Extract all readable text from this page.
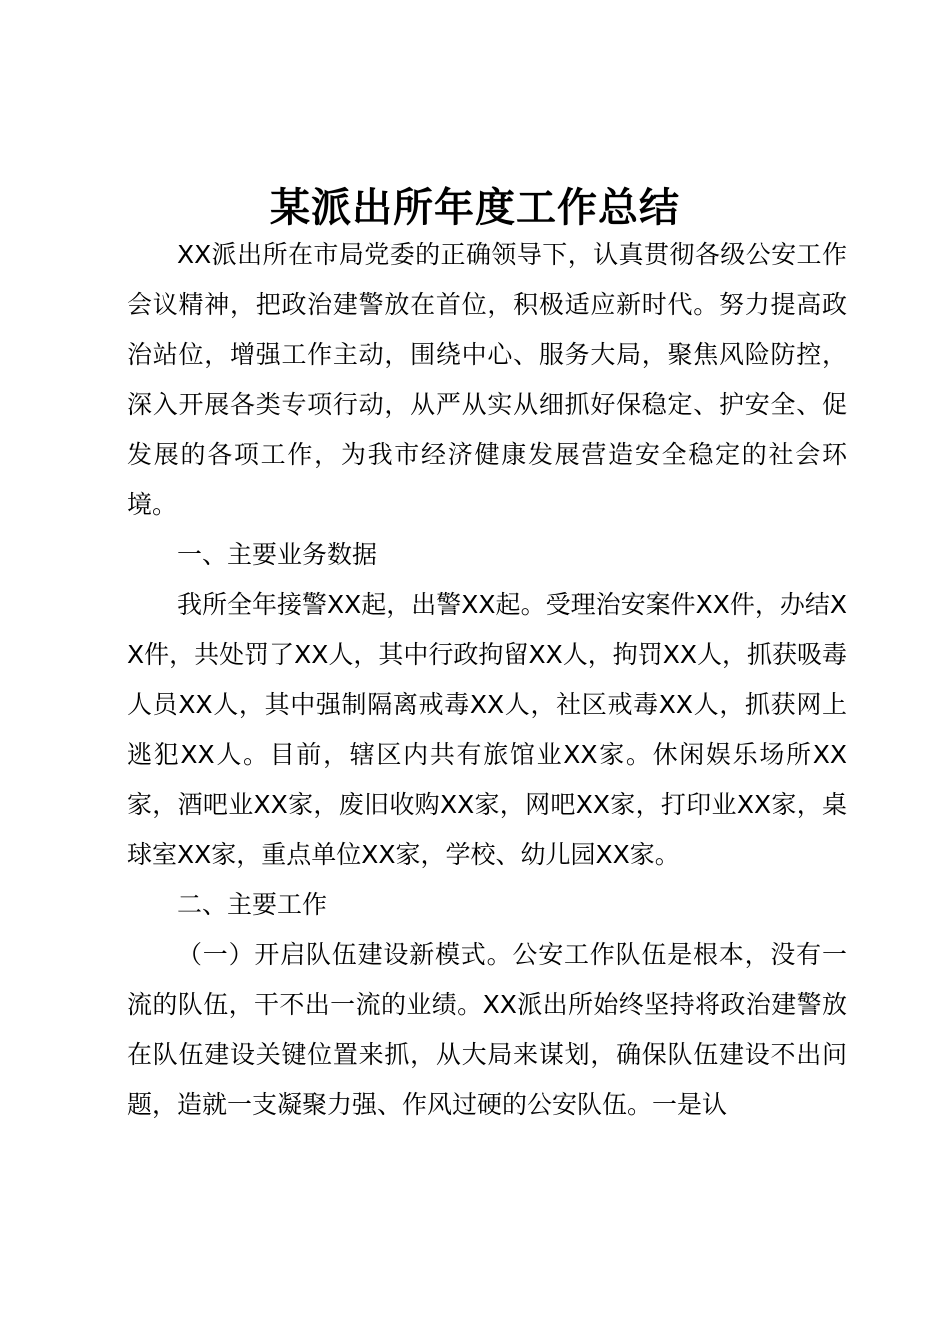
某派出所年度工作总结

XX派出所在市局党委的正确领导下，认真贯彻各级公安工作会议精神，把政治建警放在首位，积极适应新时代。努力提高政治站位，增强工作主动，围绕中心、服务大局，聚焦风险防控，深入开展各类专项行动，从严从实从细抓好保稳定、护安全、促发展的各项工作，为我市经济健康发展营造安全稳定的社会环境。

一、主要业务数据

我所全年接警XX起，出警XX起。受理治安案件XX件，办结XX件，共处罚了XX人，其中行政拘留XX人，拘罚XX人，抓获吸毒人员XX人，其中强制隔离戒毒XX人，社区戒毒XX人，抓获网上逃犯XX人。目前，辖区内共有旅馆业XX家。休闲娱乐场所XX家，酒吧业XX家，废旧收购XX家，网吧XX家，打印业XX家，桌球室XX家，重点单位XX家，学校、幼儿园XX家。

二、主要工作

（一）开启队伍建设新模式。公安工作队伍是根本，没有一流的队伍，干不出一流的业绩。XX派出所始终坚持将政治建警放在队伍建设关键位置来抓，从大局来谋划，确保队伍建设不出问题，造就一支凝聚力强、作风过硬的公安队伍。一是认
